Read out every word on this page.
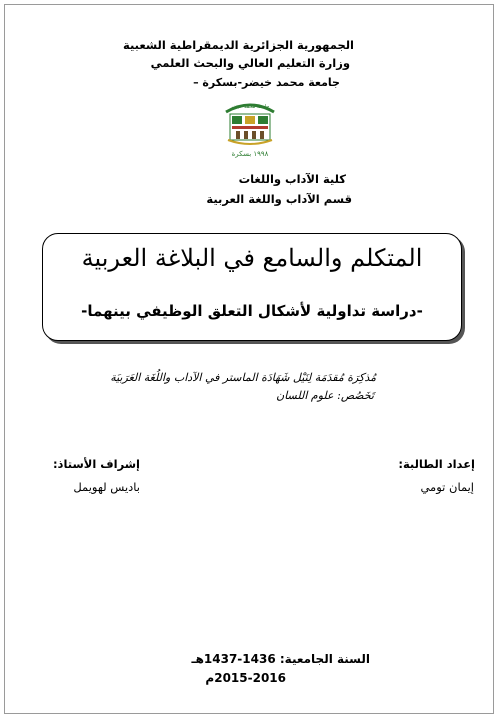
الجمهورية الجزائرية الديمقراطية الشعبية
وزارة التعليم العالي والبحث العلمي
جامعة محمد خيضر-بسكرة –
جامعة محمد خيضر
١٩٩٨ بسكرة
كلية الآداب واللغات
قسم الآداب واللغة العربية
المتكلم والسامع في البلاغة العربية
-دراسة تداولية لأشكال التعلق الوظيفي بينهما-
مُذكِرَة مُقدَمَة لِنَيْل شَهَادَة الماستر في الآداب واللُغَة العَرَبيَة
تَخَصُص: علوم اللسان
إعداد الطالبة:
إيمان تومي
إشراف الأستاذ:
باديس لهويمل
السنة الجامعية: 1436-1437هـ
2015-2016م
